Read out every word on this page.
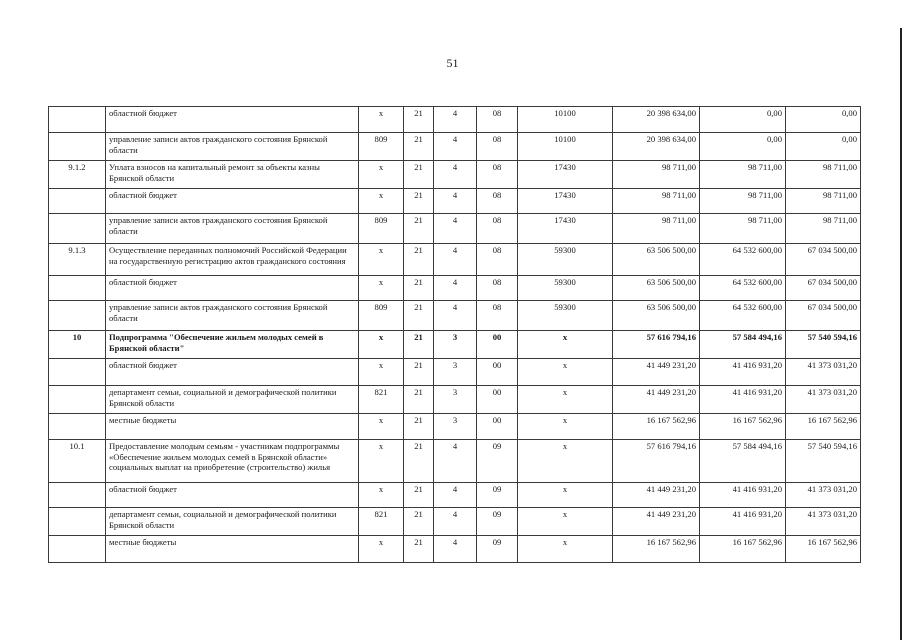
51
	областной бюджет	х	21	4	08	10100	20 398 634,00	0,00	0,00
	управление записи актов гражданского состояния Брянской области	809	21	4	08	10100	20 398 634,00	0,00	0,00
9.1.2	Уплата взносов на капитальный ремонт за объекты казны Брянской области	х	21	4	08	17430	98 711,00	98 711,00	98 711,00
	областной бюджет	х	21	4	08	17430	98 711,00	98 711,00	98 711,00
	управление записи актов гражданского состояния Брянской области	809	21	4	08	17430	98 711,00	98 711,00	98 711,00
9.1.3	Осуществление переданных полномочий Российской Федерации на государственную регистрацию актов гражданского состояния	х	21	4	08	59300	63 506 500,00	64 532 600,00	67 034 500,00
	областной бюджет	х	21	4	08	59300	63 506 500,00	64 532 600,00	67 034 500,00
	управление записи актов гражданского состояния Брянской области	809	21	4	08	59300	63 506 500,00	64 532 600,00	67 034 500,00
10	Подпрограмма "Обеспечение жильем молодых семей в Брянской области"	х	21	3	00	х	57 616 794,16	57 584 494,16	57 540 594,16
	областной бюджет	х	21	3	00	х	41 449 231,20	41 416 931,20	41 373 031,20
	департамент семьи, социальной и демографической политики Брянской области	821	21	3	00	х	41 449 231,20	41 416 931,20	41 373 031,20
	местные бюджеты	х	21	3	00	х	16 167 562,96	16 167 562,96	16 167 562,96
10.1	Предоставление молодым семьям - участникам подпрограммы «Обеспечение жильем молодых семей в Брянской области» социальных выплат на приобретение (строительство) жилья	х	21	4	09	х	57 616 794,16	57 584 494,16	57 540 594,16
	областной бюджет	х	21	4	09	х	41 449 231,20	41 416 931,20	41 373 031,20
	департамент семьи, социальной и демографической политики Брянской области	821	21	4	09	х	41 449 231,20	41 416 931,20	41 373 031,20
	местные бюджеты	х	21	4	09	х	16 167 562,96	16 167 562,96	16 167 562,96
